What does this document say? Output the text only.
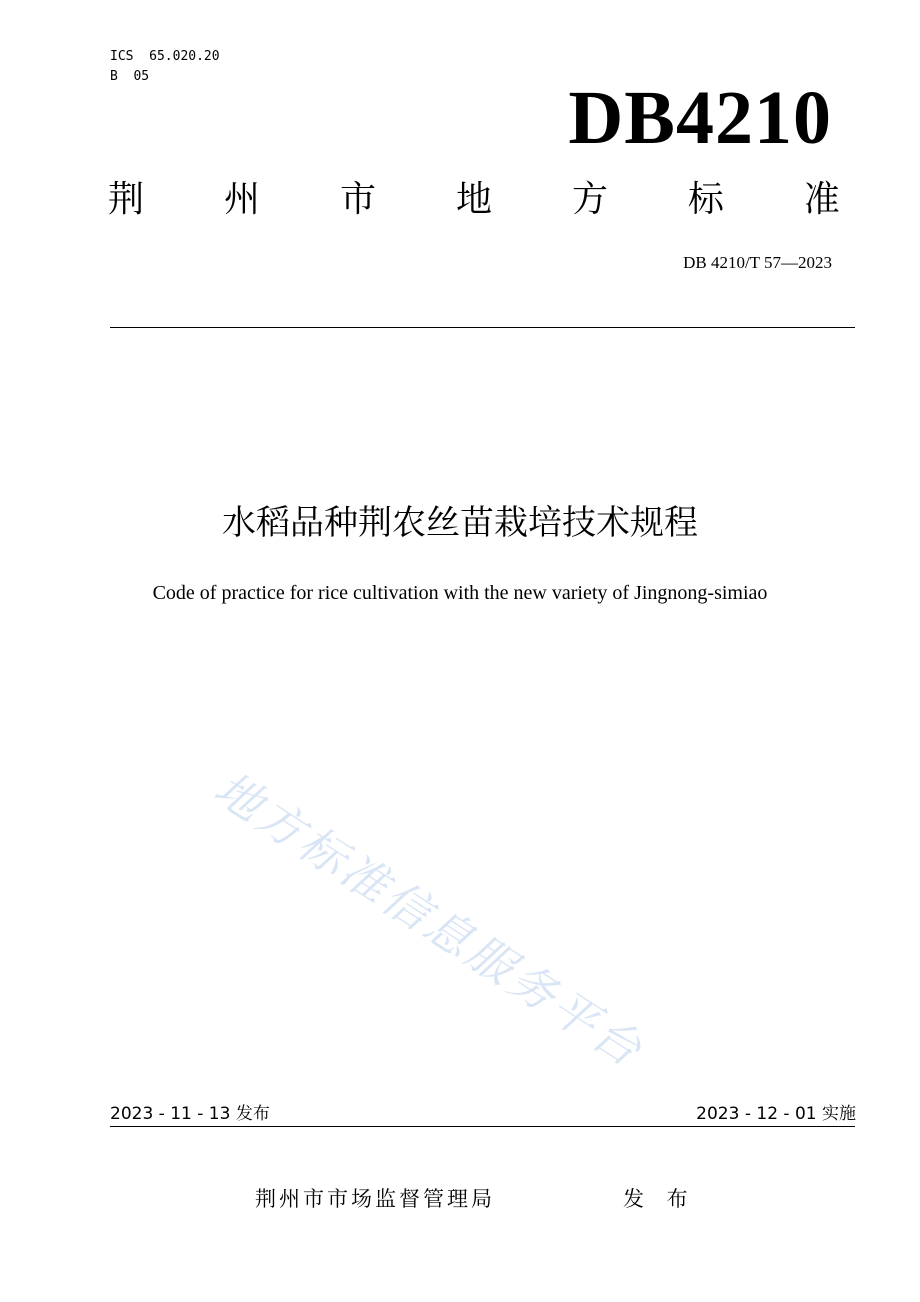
ICS  65.020.20
B  05	DB4210
荆 州 市 地 方 标 准
DB 4210/T 57—2023
水稻品种荆农丝苗栽培技术规程
Code of practice for rice cultivation with the new variety of Jingnong-simiao
地方标准信息服务平台
2023 - 11 - 13 发布	2023 - 12 - 01 实施
荆州市市场监督管理局	发 布
